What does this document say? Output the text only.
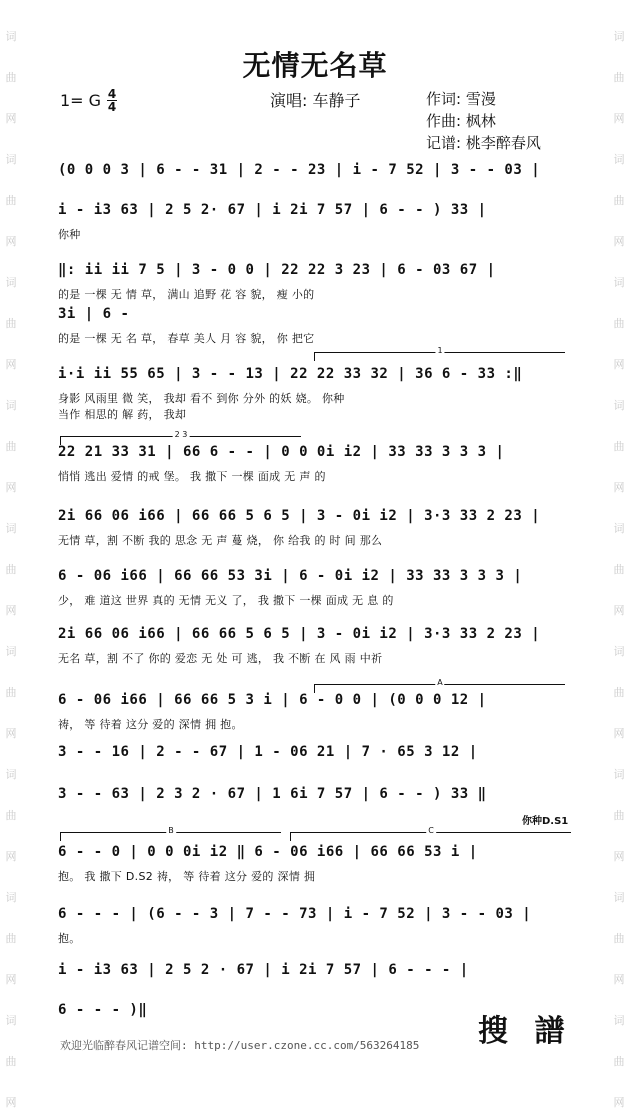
词
曲
网
词
曲
网
词
曲
网
词
曲
网
词
曲
网
词
曲
网
词
曲
网
词
曲
网
词
曲
网
词
曲
网
词
曲
网
词
曲
网
词
曲
网
词
曲
网
词
曲
网
词
曲
网
词
曲
网
词
曲
网
无情无名草
1= G 4
4	演唱: 车静子	作词: 雪漫
作曲: 枫林
记谱: 桃李醉春风
(0 0 0 3 | 6 - - 31 | 2 - - 23 | i - 7 52 | 3 - - 03 |
i - i3 63 | 2 5 2· 67 | i 2i 7 57 | 6 - - ) 33 |
你种
‖: ii ii 7 5 | 3 - 0 0 | 22 22 3 23 | 6 - 03 67 |
的是 一棵 无 情 草， 满山 追野 花 容 貌， 瘦 小的
3i | 6 -
的是 一棵 无 名 草， 春草 美人 月 容 貌， 你 把它
i·i ii 55 65 | 3 - - 13 | 22 22 33 32 | 36 6 - 33 :‖
身影 风雨里 微 笑， 我却 看不 到你 分外 的妖 娆。 你种
当作 相思的 解 药， 我却
22 21 33 31 | 66 6 - - | 0 0 0i i2 | 33 33 3 3 3 |
悄悄 逃出 爱情 的戒 堡。 我 撒下 一棵 面成 无 声 的
2i 66 06 i66 | 66 66 5 6 5 | 3 - 0i i2 | 3·3 33 2 23 |
无情 草，割 不断 我的 思念 无 声 蔓 烧， 你 给我 的 时 间 那么
6 - 06 i66 | 66 66 53 3i | 6 - 0i i2 | 33 33 3 3 3 |
少， 难 道这 世界 真的 无情 无义 了， 我 撒下 一棵 面成 无 息 的
2i 66 06 i66 | 66 66 5 6 5 | 3 - 0i i2 | 3·3 33 2 23 |
无名 草，割 不了 你的 爱恋 无 处 可 逃， 我 不断 在 风 雨 中祈
6 - 06 i66 | 66 66 5 3 i | 6 - 0 0 | (0 0 0 12 |
祷， 等 待着 这分 爱的 深情 拥 抱。
3 - - 16 | 2 - - 67 | 1 - 06 21 | 7 · 65 3 12 |
3 - - 63 | 2 3 2 · 67 | 1 6i 7 57 | 6 - - ) 33 ‖
6 - - 0 | 0 0 0i i2 ‖ 6 - 06 i66 | 66 66 53 i |
抱。 我 撒下 D.S2 祷， 等 待着 这分 爱的 深情 拥
6 - - - | (6 - - 3 | 7 - - 73 | i - 7 52 | 3 - - 03 |
抱。
i - i3 63 | 2 5 2 · 67 | i 2i 7 57 | 6 - - - |
6 - - - )‖
1
2 3
A
B	C
你种D.S1
搜 譜
欢迎光临醉春风记谱空间: http://user.czone.cc.com/563264185
